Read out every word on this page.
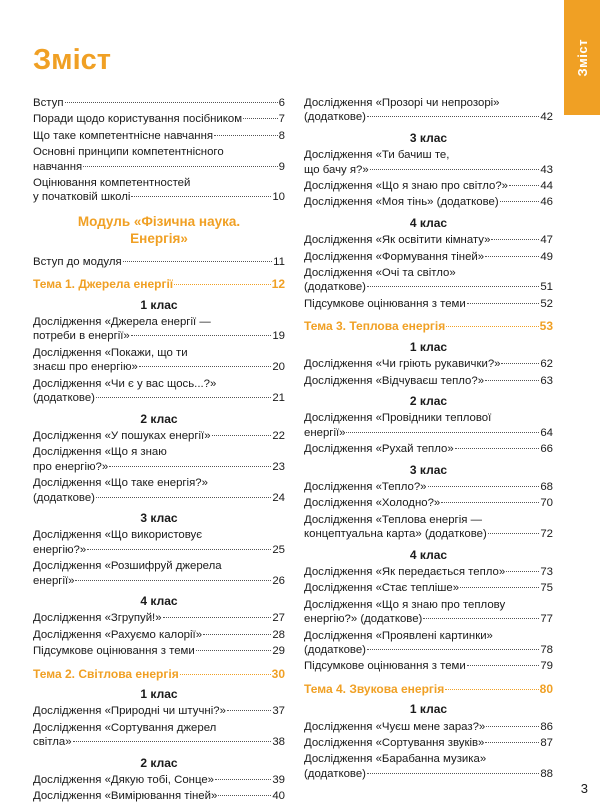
Зміст
Зміст
Вступ	6
Поради щодо користування посібником	7
Що таке компетентнісне навчання	8
Основні принципи компетентнісного
навчання	9
Оцінювання компетентностей
у початковій школі	10
Модуль «Фізична наука.
Енергія»
Вступ до модуля	11
Тема 1. Джерела енергії	12
1 клас
Дослідження «Джерела енергії —
потреби в енергії»	19
Дослідження «Покажи, що ти
знаєш про енергію»	20
Дослідження «Чи є у вас щось...?»
(додаткове)	21
2 клас
Дослідження «У пошуках енергії»	22
Дослідження «Що я знаю
про енергію?»	23
Дослідження «Що таке енергія?»
(додаткове)	24
3 клас
Дослідження «Що використовує
енергію?»	25
Дослідження «Розшифруй джерела
енергії»	26
4 клас
Дослідження «Згрупуй!»	27
Дослідження «Рахуємо калорії»	28
Підсумкове оцінювання з теми	29
Тема 2. Світлова енергія	30
1 клас
Дослідження «Природні чи штучні?»	37
Дослідження «Сортування джерел
світла»	38
2 клас
Дослідження «Дякую тобі, Сонце»	39
Дослідження «Вимірювання тіней»	40
Дослідження «Прозорі чи непрозорі»
(додаткове)	42
3 клас
Дослідження «Ти бачиш те,
що бачу я?»	43
Дослідження «Що я знаю про світло?»	44
Дослідження «Моя тінь» (додаткове)	46
4 клас
Дослідження «Як освітити кімнату»	47
Дослідження «Формування тіней»	49
Дослідження «Очі та світло»
(додаткове)	51
Підсумкове оцінювання з теми	52
Тема 3. Теплова енергія	53
1 клас
Дослідження «Чи гріють рукавички?»	62
Дослідження «Відчуваєш тепло?»	63
2 клас
Дослідження «Провідники теплової
енергії»	64
Дослідження «Рухай тепло»	66
3 клас
Дослідження «Тепло?»	68
Дослідження «Холодно?»	70
Дослідження «Теплова енергія —
концептуальна карта» (додаткове)	72
4 клас
Дослідження «Як передається тепло»	73
Дослідження «Стає тепліше»	75
Дослідження «Що я знаю про теплову
енергію?» (додаткове)	77
Дослідження «Проявлені картинки»
(додаткове)	78
Підсумкове оцінювання з теми	79
Тема 4. Звукова енергія	80
1 клас
Дослідження «Чуєш мене зараз?»	86
Дослідження «Сортування звуків»	87
Дослідження «Барабанна музика»
(додаткове)	88
3
